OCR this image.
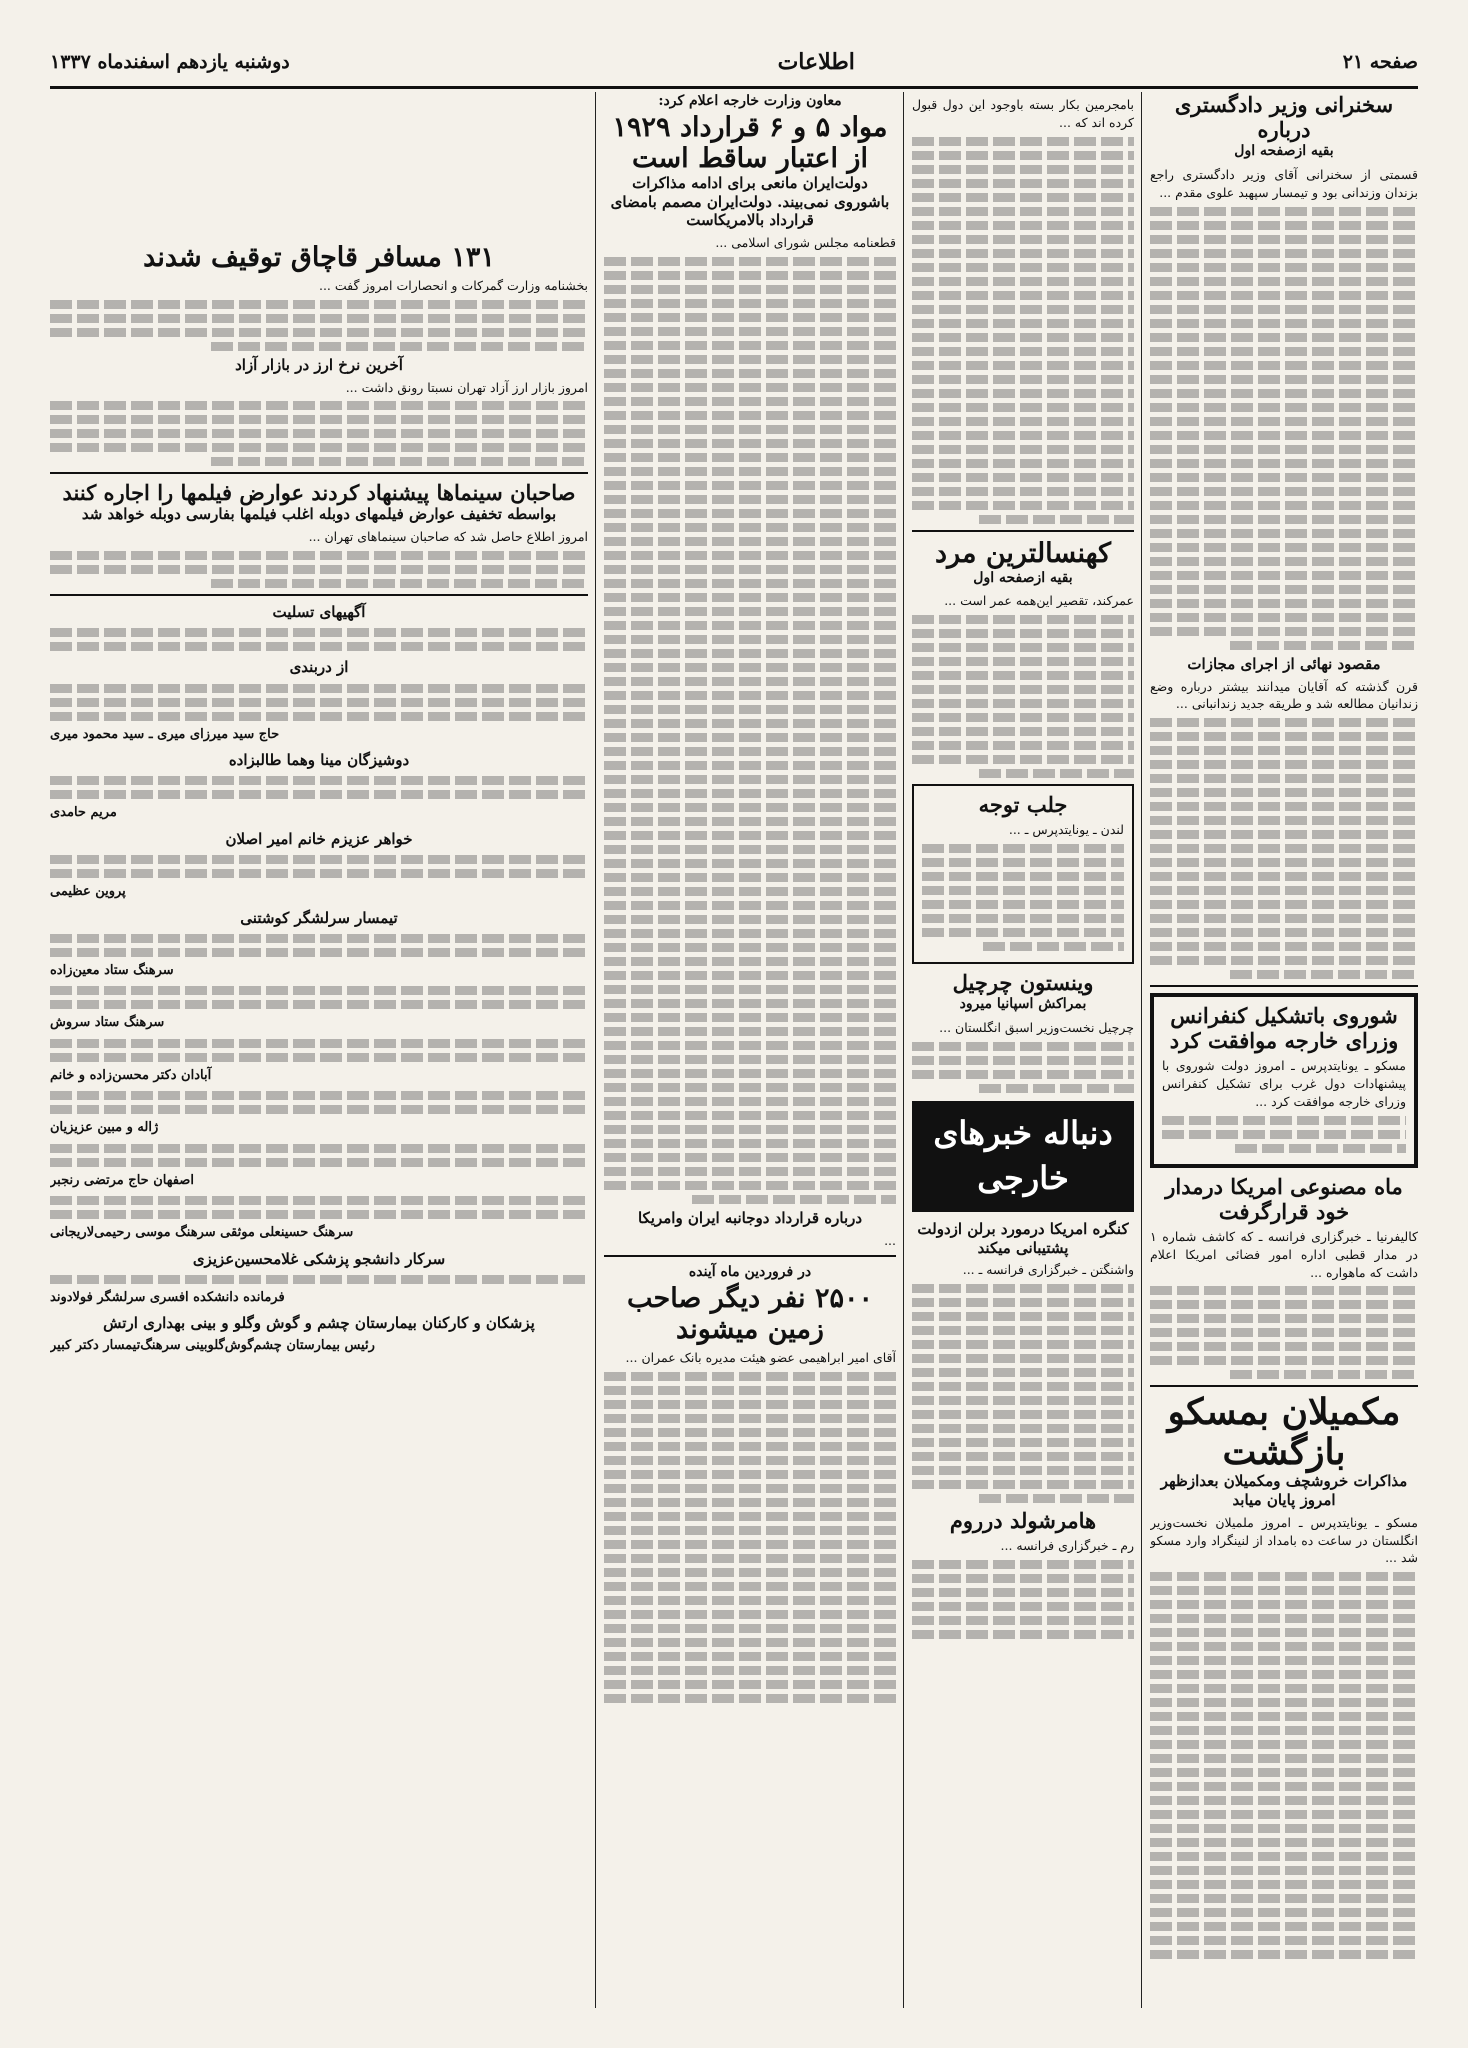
صفحه ۲۱
اطلاعات
دوشنبه یازدهم اسفندماه ۱۳۳۷
سخنرانی وزیر دادگستری درباره
بقیه ازصفحه اول

قسمتی از سخنرانی آقای وزیر دادگستری راجع بزندان وزندانی بود و تیمسار سپهبد علوی مقدم ...

مقصود نهائی از اجرای مجازات

قرن گذشته که آقایان میدانند بیشتر درباره وضع زندانیان مطالعه شد و طریقه جدید زندانبانی ...

شوروی باتشکیل کنفرانس وزرای خارجه موافقت کرد

مسکو ـ یونایتدپرس ـ امروز دولت شوروی با پیشنهادات دول غرب برای تشکیل کنفرانس وزرای خارجه موافقت کرد ...

ماه مصنوعی امریکا درمدار خود قرارگرفت

کالیفرنیا ـ خبرگزاری فرانسه ـ که کاشف شماره ۱ در مدار قطبی اداره امور فضائی امریکا اعلام داشت که ماهواره ...

مکمیلان بمسکو بازگشت
مذاکرات خروشچف ومکمیلان بعدازظهر امروز پایان میابد

مسکو ـ یونایتدپرس ـ امروز ملمیلان نخست‌وزیر انگلستان در ساعت ده بامداد از لنینگراد وارد مسکو شد ...

بامجرمین بکار بسته باوجود این دول قبول کرده اند که ...

کهنسالترین مرد
بقیه ازصفحه اول

عمرکند، تقصیر این‌همه عمر است ...

جلب توجه

لندن ـ یونایتدپرس ـ ...

وینستون چرچیل
بمراکش اسپانیا میرود

چرچیل نخست‌وزیر اسبق انگلستان ...

دنباله خبرهای خارجی
کنگره امریکا درمورد برلن ازدولت پشتیبانی میکند

واشنگتن ـ خبرگزاری فرانسه ـ ...

هامرشولد درروم

رم ـ خبرگزاری فرانسه ...

معاون وزارت خارجه اعلام کرد:
مواد ۵ و ۶ قرارداد ۱۹۲۹ از اعتبار ساقط است
دولت‌ایران مانعی برای ادامه مذاکرات باشوروی نمی‌بیند. دولت‌ایران مصمم بامضای قرارداد بالامریکاست

قطعنامه مجلس شورای اسلامی ...

درباره قرارداد دوجانبه ایران وامریکا

...

در فروردین ماه آینده
۲۵۰۰ نفر دیگر صاحب زمین میشوند

آقای امیر ابراهیمی عضو هیئت مدیره بانک عمران ...

۱۳۱ مسافر قاچاق توقیف شدند

بخشنامه وزارت گمرکات و انحصارات امروز گفت ...

آخرین نرخ ارز در بازار آزاد

امروز بازار ارز آزاد تهران نسبتا رونق داشت ...

صاحبان سینماها پیشنهاد کردند عوارض فیلمها را اجاره کنند
بواسطه تخفیف عوارض فیلمهای دوبله اغلب فیلمها بفارسی دوبله خواهد شد

امروز اطلاع حاصل شد که صاحبان سینماهای تهران ...

آگهیهای تسلیت
از دربندی
حاج سید میرزای میری ـ سید محمود میری
دوشیزگان مینا وهما طالبزاده
مریم حامدی
خواهر عزیزم خانم امیر اصلان
پروین عظیمی
تیمسار سرلشگر کوشتنی
سرهنگ ستاد معین‌زاده
سرهنگ ستاد سروش
آبادان دکتر محسن‌زاده و خانم
ژاله و مبین عزیزیان
اصفهان حاج مرتضی رنجبر
سرهنگ حسینعلی موثقی سرهنگ موسی رحیمی‌لاریجانی
سرکار دانشجو پزشکی غلامحسین‌عزیزی
فرمانده دانشکده افسری سرلشگر فولادوند
پزشکان و کارکنان بیمارستان چشم و گوش وگلو و بینی بهداری ارتش
رئیس بیمارستان چشم‌گوش‌گلوبینی سرهنگ‌تیمسار دکتر کبیر
